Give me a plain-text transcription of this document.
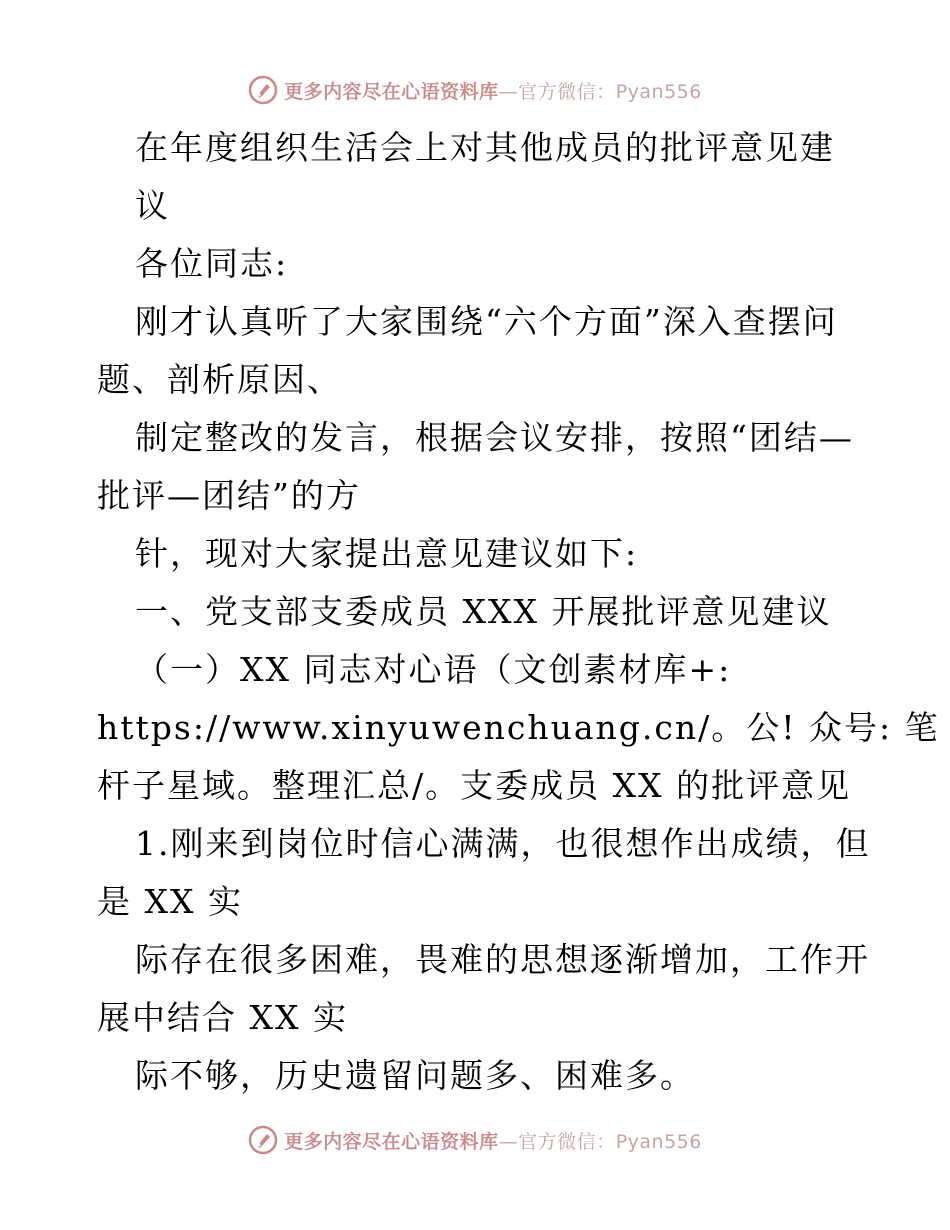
更多内容尽在心语资料库—官方微信：Pyan556
在年度组织生活会上对其他成员的批评意见建
议
各位同志:
刚才认真听了大家围绕“六个方面”深入查摆问
题、剖析原因、
制定整改的发言，根据会议安排，按照“团结—
批评—团结”的方
针，现对大家提出意见建议如下:
一、党支部支委成员 XXX 开展批评意见建议
（一）XX 同志对心语（文创素材库+:
https://www.xinyuwenchuang.cn/。公! 众号: 笔
杆子星域。整理汇总/。支委成员 XX 的批评意见
1.刚来到岗位时信心满满，也很想作出成绩，但
是 XX 实
际存在很多困难，畏难的思想逐渐增加，工作开
展中结合 XX 实
际不够，历史遗留问题多、困难多。
更多内容尽在心语资料库—官方微信：Pyan556
